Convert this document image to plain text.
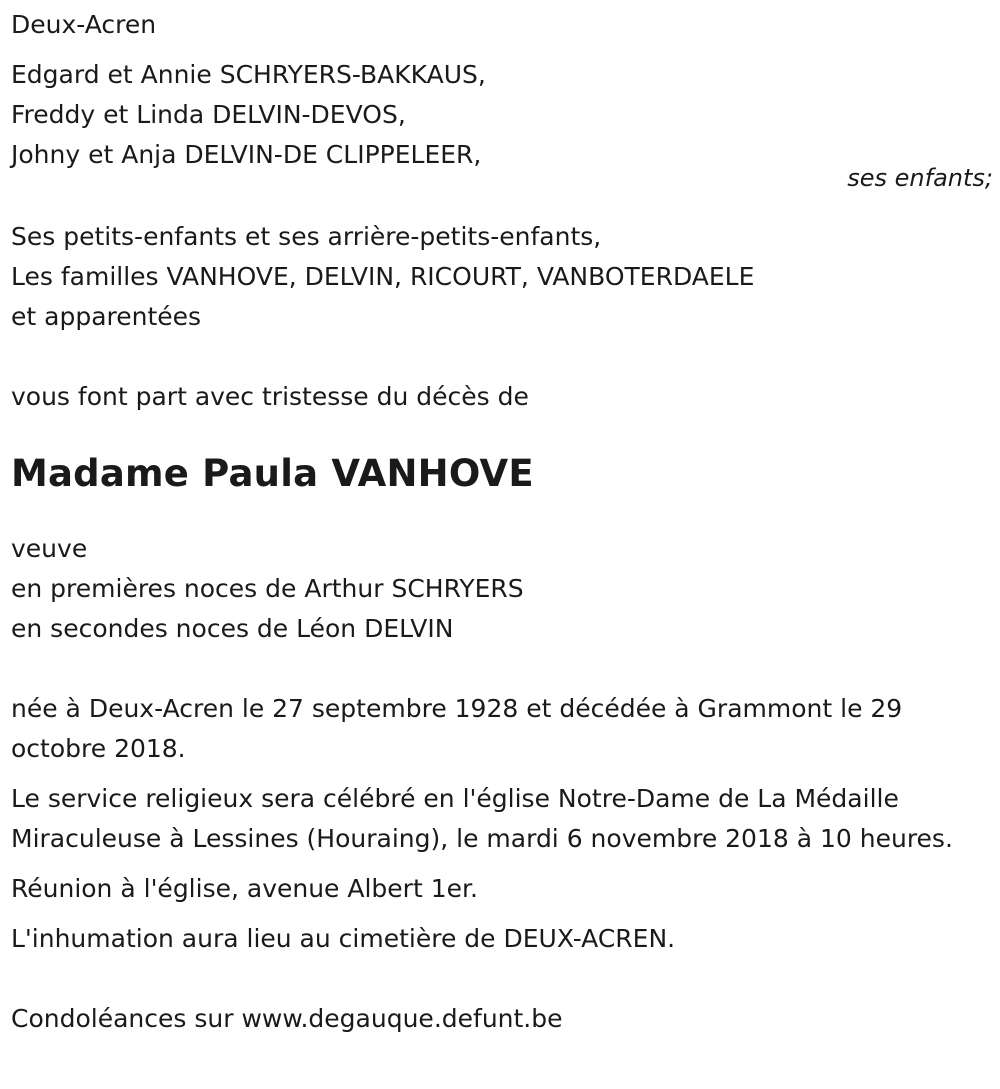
Deux-Acren
Edgard et Annie SCHRYERS-BAKKAUS,
Freddy et Linda DELVIN-DEVOS,
Johny et Anja DELVIN-DE CLIPPELEER,
Ses petits-enfants et ses arrière-petits-enfants,
Les familles VANHOVE, DELVIN, RICOURT, VANBOTERDAELE
et apparentées
vous font part avec tristesse du décès de
Madame Paula VANHOVE
veuve
en premières noces de Arthur SCHRYERS
en secondes noces de Léon DELVIN
née à Deux-Acren le 27 septembre 1928 et décédée à Grammont le 29 octobre 2018.
Le service religieux sera célébré en l'église Notre-Dame de La Médaille Miraculeuse à Lessines (Houraing), le mardi 6 novembre 2018 à 10 heures.
Réunion à l'église, avenue Albert 1er.
L'inhumation aura lieu au cimetière de DEUX-ACREN.
Condoléances sur www.degauque.defunt.be
ses enfants;
